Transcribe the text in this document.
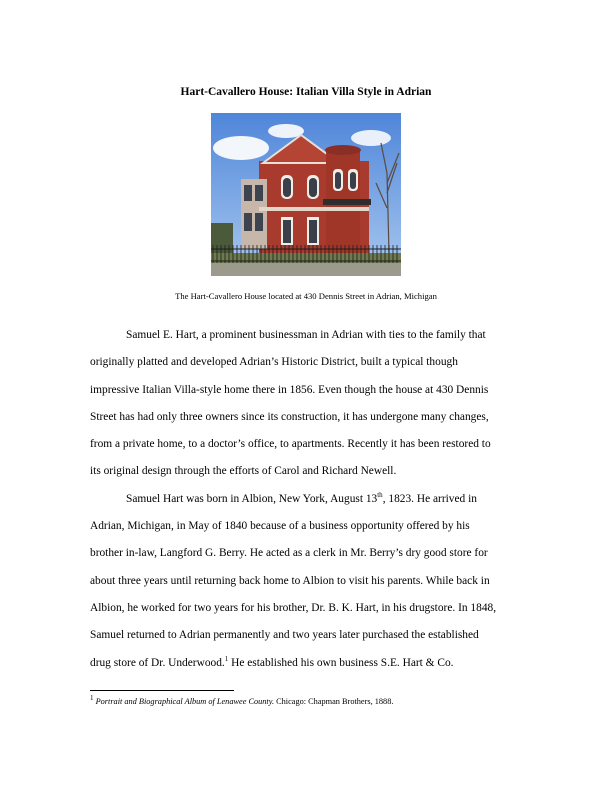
Hart-Cavallero House: Italian Villa Style in Adrian
The Hart-Cavallero House located at 430 Dennis Street in Adrian, Michigan
Samuel E. Hart, a prominent businessman in Adrian with ties to the family that
originally platted and developed Adrian’s Historic District, built a typical though
impressive Italian Villa-style home there in 1856. Even though the house at 430 Dennis
Street has had only three owners since its construction, it has undergone many changes,
from a private home, to a doctor’s office, to apartments. Recently it has been restored to
its original design through the efforts of Carol and Richard Newell.
Samuel Hart was born in Albion, New York, August 13th, 1823. He arrived in
Adrian, Michigan, in May of 1840 because of a business opportunity offered by his
brother in-law, Langford G. Berry. He acted as a clerk in Mr. Berry’s dry good store for
about three years until returning back home to Albion to visit his parents. While back in
Albion, he worked for two years for his brother, Dr. B. K. Hart, in his drugstore. In 1848,
Samuel returned to Adrian permanently and two years later purchased the established
drug store of Dr. Underwood.$^1$ He established his own business S.E. Hart & Co.
$^1$ Portrait and Biographical Album of Lenawee County. Chicago: Chapman Brothers, 1888.
